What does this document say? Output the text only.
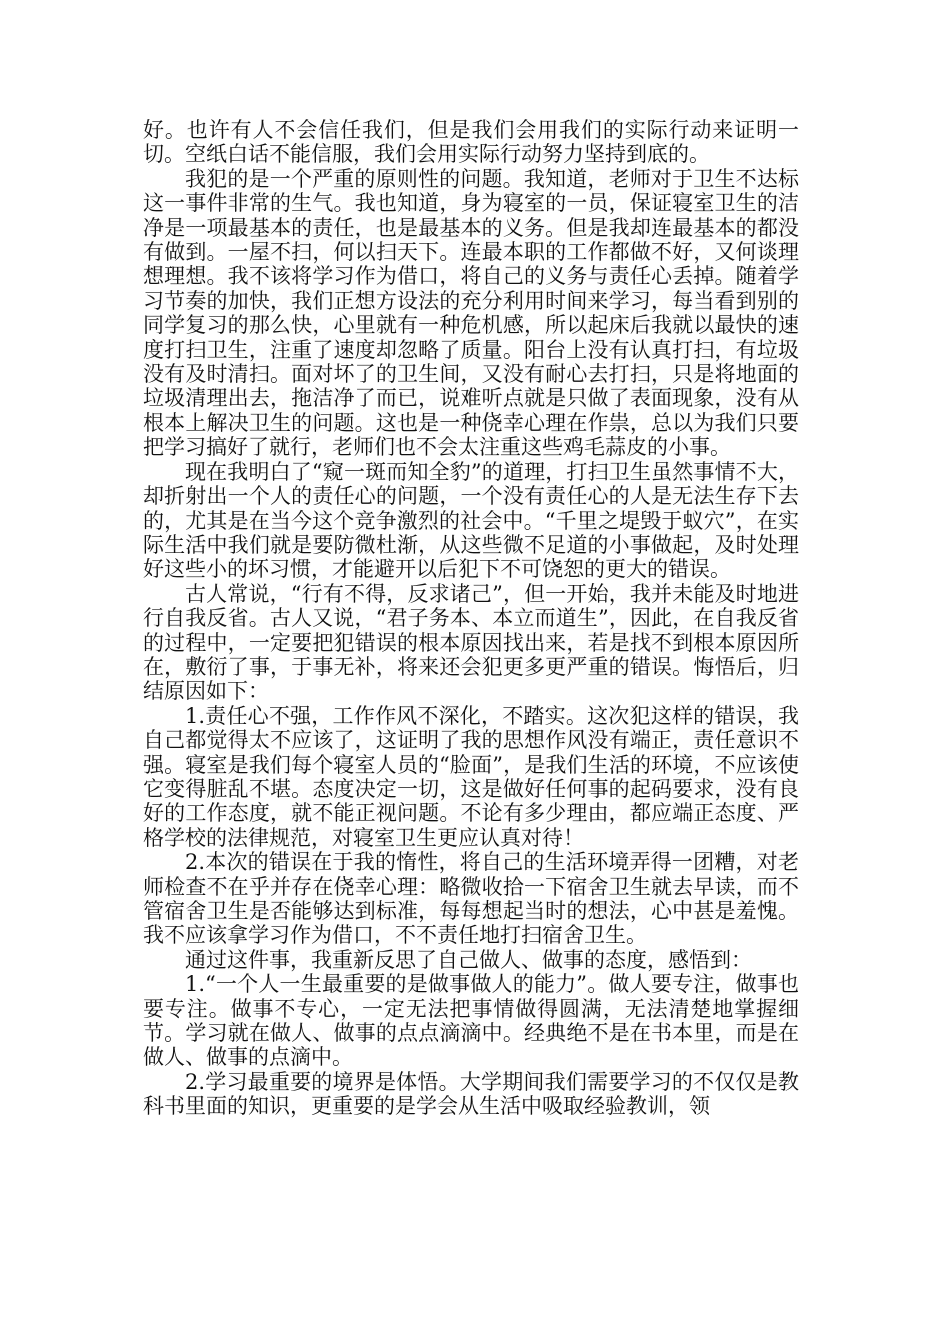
好。也许有人不会信任我们，但是我们会用我们的实际行动来证明一切。空纸白话不能信服，我们会用实际行动努力坚持到底的。

我犯的是一个严重的原则性的问题。我知道，老师对于卫生不达标这一事件非常的生气。我也知道，身为寝室的一员，保证寝室卫生的洁净是一项最基本的责任，也是最基本的义务。但是我却连最基本的都没有做到。一屋不扫，何以扫天下。连最本职的工作都做不好，又何谈理想理想。我不该将学习作为借口，将自己的义务与责任心丢掉。随着学习节奏的加快，我们正想方设法的充分利用时间来学习，每当看到别的同学复习的那么快，心里就有一种危机感，所以起床后我就以最快的速度打扫卫生，注重了速度却忽略了质量。阳台上没有认真打扫，有垃圾没有及时清扫。面对坏了的卫生间，又没有耐心去打扫，只是将地面的垃圾清理出去，拖洁净了而已，说难听点就是只做了表面现象，没有从根本上解决卫生的问题。这也是一种侥幸心理在作祟，总以为我们只要把学习搞好了就行，老师们也不会太注重这些鸡毛蒜皮的小事。

现在我明白了“窥一斑而知全豹”的道理，打扫卫生虽然事情不大，却折射出一个人的责任心的问题，一个没有责任心的人是无法生存下去的，尤其是在当今这个竞争激烈的社会中。“千里之堤毁于蚁穴”，在实际生活中我们就是要防微杜渐，从这些微不足道的小事做起，及时处理好这些小的坏习惯，才能避开以后犯下不可饶恕的更大的错误。

古人常说，“行有不得，反求诸己”，但一开始，我并未能及时地进行自我反省。古人又说，“君子务本、本立而道生”，因此，在自我反省的过程中，一定要把犯错误的根本原因找出来，若是找不到根本原因所在，敷衍了事，于事无补，将来还会犯更多更严重的错误。悔悟后，归结原因如下：

1.责任心不强，工作作风不深化，不踏实。这次犯这样的错误，我自己都觉得太不应该了，这证明了我的思想作风没有端正，责任意识不强。寝室是我们每个寝室人员的“脸面”，是我们生活的环境，不应该使它变得脏乱不堪。态度决定一切，这是做好任何事的起码要求，没有良好的工作态度，就不能正视问题。不论有多少理由，都应端正态度、严格学校的法律规范，对寝室卫生更应认真对待！

2.本次的错误在于我的惰性，将自己的生活环境弄得一团糟，对老师检查不在乎并存在侥幸心理：略微收拾一下宿舍卫生就去早读，而不管宿舍卫生是否能够达到标准，每每想起当时的想法，心中甚是羞愧。我不应该拿学习作为借口，不不责任地打扫宿舍卫生。

通过这件事，我重新反思了自己做人、做事的态度，感悟到：

1.“一个人一生最重要的是做事做人的能力”。做人要专注，做事也要专注。做事不专心，一定无法把事情做得圆满，无法清楚地掌握细节。学习就在做人、做事的点点滴滴中。经典绝不是在书本里，而是在做人、做事的点滴中。

2.学习最重要的境界是体悟。大学期间我们需要学习的不仅仅是教科书里面的知识，更重要的是学会从生活中吸取经验教训，领
